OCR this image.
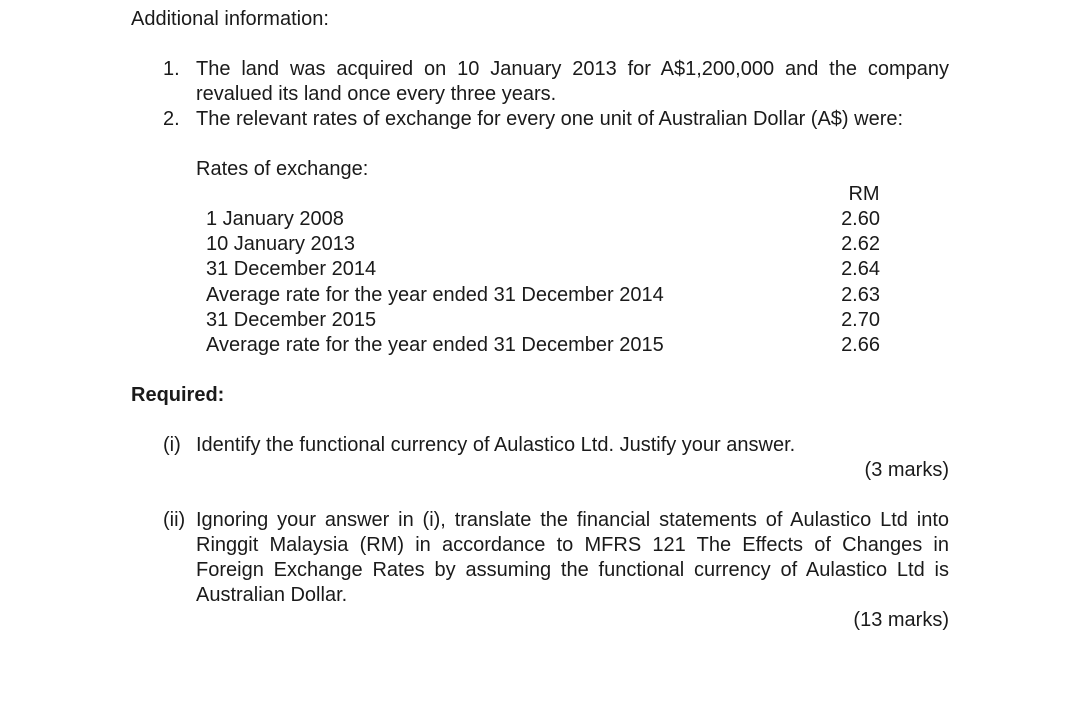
Additional information:
1. The land was acquired on 10 January 2013 for A$1,200,000 and the company revalued its land once every three years.
2. The relevant rates of exchange for every one unit of Australian Dollar (A$) were:
Rates of exchange:
RM
1 January 2008	2.60
10 January 2013	2.62
31 December 2014	2.64
Average rate for the year ended 31 December 2014	2.63
31 December 2015	2.70
Average rate for the year ended 31 December 2015	2.66
Required:
(i) Identify the functional currency of Aulastico Ltd. Justify your answer.
(3 marks)
(ii) Ignoring your answer in (i), translate the financial statements of Aulastico Ltd into Ringgit Malaysia (RM) in accordance to MFRS 121 The Effects of Changes in Foreign Exchange Rates by assuming the functional currency of Aulastico Ltd is Australian Dollar.
(13 marks)
